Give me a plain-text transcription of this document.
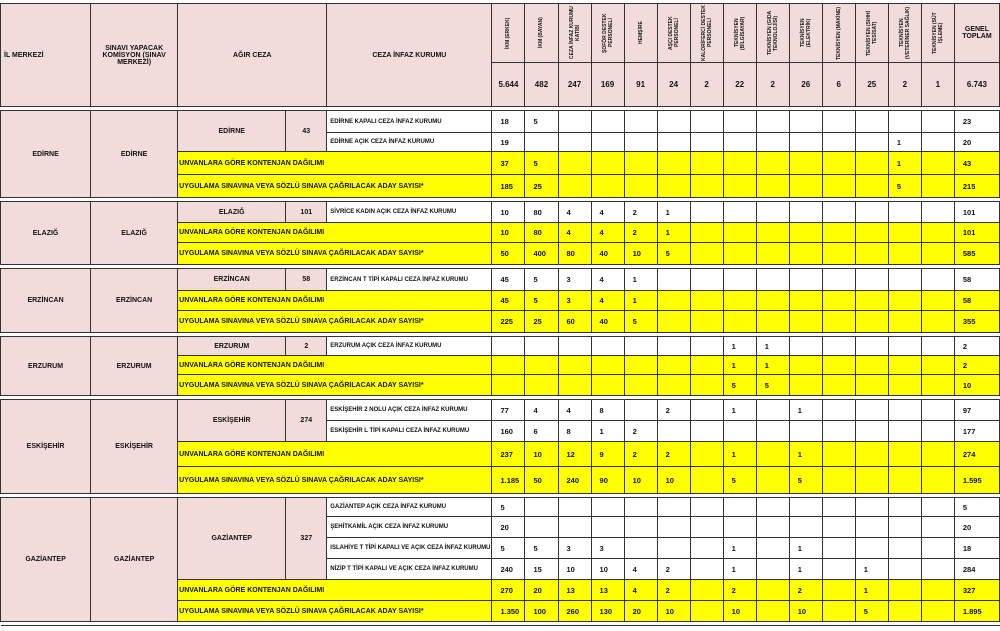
İL MERKEZİ	SINAVI YAPACAK KOMİSYON (SINAV MERKEZİ)	AĞIR CEZA		CEZA İNFAZ KURUMU	İKM (ERKEK)	İKM (BAYAN)	CEZA İNFAZ KURUMU KATİBİ	ŞOFÖR DESTEK PERSONELİ	HEMŞİRE	AŞÇI DESTEK PERSONELİ	KALORİFERCİ DESTEK PERSONELİ	TEKNİSYEN (BİLGİSAYAR)	TEKNİSYEN (GIDA TEKNOLOJİSİ)	TEKNİSYEN (ELEKTRİK)	TEKNİSYEN (MAKİNE)	TEKNİSYEN (SIHHİ TESİSAT)	TEKNİSYEN (VETERİNER SAĞLIK)	TEKNİSYEN (SÜT İŞLEME)	GENEL TOPLAM
					5.644	482	247	169	91	24	2	22	2	26	6	25	2	1	6.743

EDİRNE	EDİRNE	EDİRNE	43	EDİRNE KAPALI CEZA İNFAZ KURUMU	18	5													23
				EDİRNE AÇIK CEZA İNFAZ KURUMU	19												1		20
		UNVANLARA GÖRE KONTENJAN DAĞILIMI			37	5											1		43
		UYGULAMA SINAVINA VEYA SÖZLÜ SINAVA ÇAĞRILACAK ADAY SAYISI*			185	25											5		215

ELAZIĞ	ELAZIĞ	ELAZIĞ	101	SİVRİCE KADIN AÇIK CEZA İNFAZ KURUMU	10	80	4	4	2	1									101
		UNVANLARA GÖRE KONTENJAN DAĞILIMI			10	80	4	4	2	1									101
		UYGULAMA SINAVINA VEYA SÖZLÜ SINAVA ÇAĞRILACAK ADAY SAYISI*			50	400	80	40	10	5									585

ERZİNCAN	ERZİNCAN	ERZİNCAN	58	ERZİNCAN T TİPİ KAPALI CEZA İNFAZ KURUMU	45	5	3	4	1										58
		UNVANLARA GÖRE KONTENJAN DAĞILIMI			45	5	3	4	1										58
		UYGULAMA SINAVINA VEYA SÖZLÜ SINAVA ÇAĞRILACAK ADAY SAYISI*			225	25	60	40	5										355

ERZURUM	ERZURUM	ERZURUM	2	ERZURUM AÇIK CEZA İNFAZ KURUMU								1	1						2
		UNVANLARA GÖRE KONTENJAN DAĞILIMI										1	1						2
		UYGULAMA SINAVINA VEYA SÖZLÜ SINAVA ÇAĞRILACAK ADAY SAYISI*										5	5						10

ESKİŞEHİR	ESKİŞEHİR	ESKİŞEHİR	274	ESKİŞEHİR 2 NOLU AÇIK CEZA İNFAZ KURUMU	77	4	4	8		2		1		1					97
				ESKİŞEHİR L TİPİ KAPALI CEZA İNFAZ KURUMU	160	6	8	1	2										177
		UNVANLARA GÖRE KONTENJAN DAĞILIMI			237	10	12	9	2	2		1		1					274
		UYGULAMA SINAVINA VEYA SÖZLÜ SINAVA ÇAĞRILACAK ADAY SAYISI*			1.185	50	240	90	10	10		5		5					1.595

GAZİANTEP	GAZİANTEP	GAZİANTEP	327	GAZİANTEP AÇIK CEZA İNFAZ KURUMU	5														5
				ŞEHİTKAMİL AÇIK CEZA İNFAZ KURUMU	20														20
				ISLAHİYE T TİPİ KAPALI VE AÇIK CEZA İNFAZ KURUMU	5	5	3	3				1		1					18
				NİZİP T TİPİ KAPALI VE AÇIK CEZA İNFAZ KURUMU	240	15	10	10	4	2		1		1		1			284
		UNVANLARA GÖRE KONTENJAN DAĞILIMI			270	20	13	13	4	2		2		2		1			327
		UYGULAMA SINAVINA VEYA SÖZLÜ SINAVA ÇAĞRILACAK ADAY SAYISI*			1.350	100	260	130	20	10		10		10		5			1.895
